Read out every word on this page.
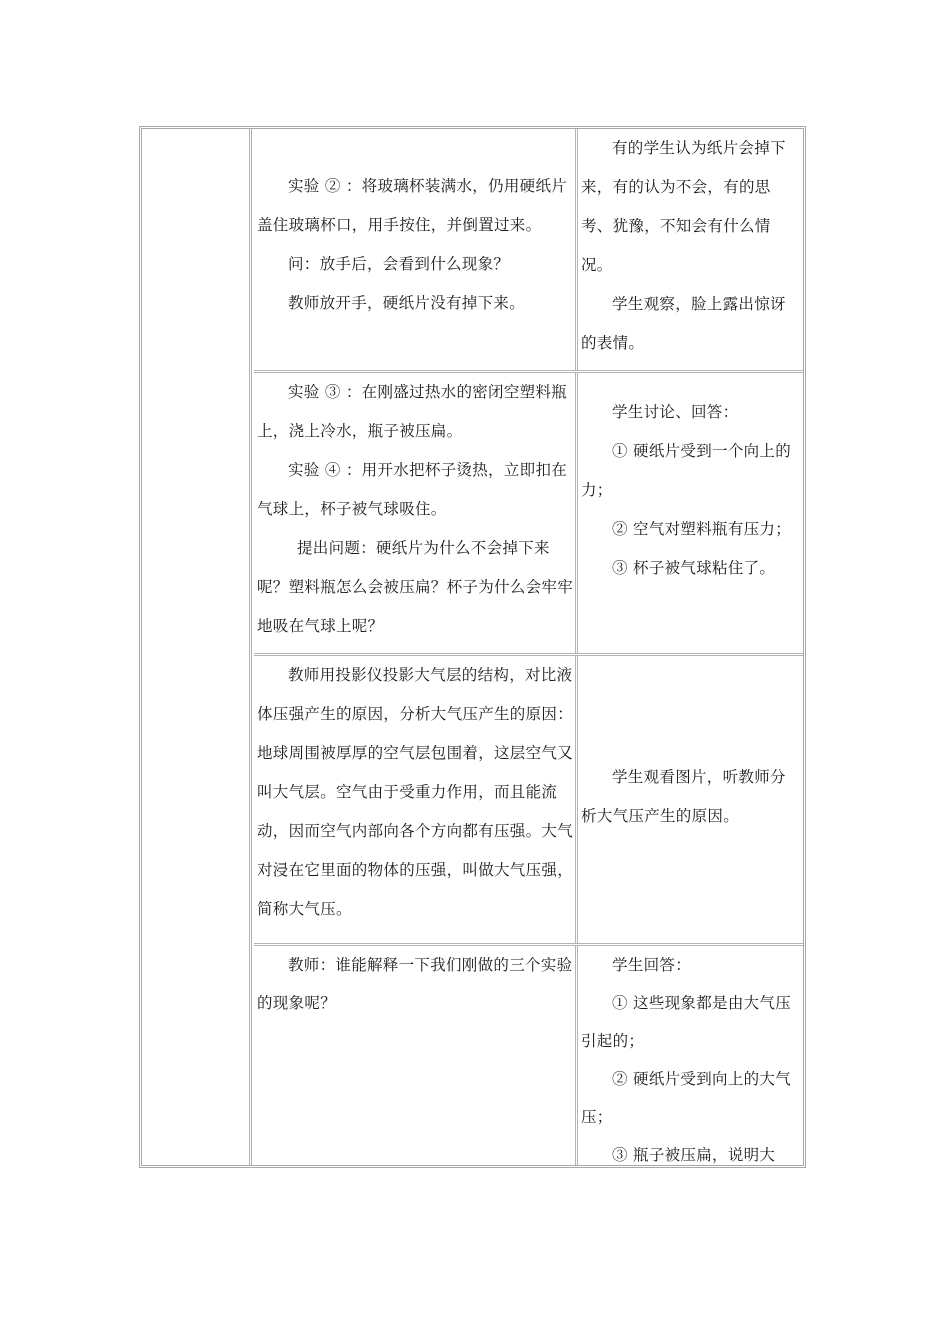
实验 ② ：将玻璃杯装满水，仍用硬纸片盖住玻璃杯口，用手按住，并倒置过来。

问：放手后，会看到什么现象？

教师放开手，硬纸片没有掉下来。

有的学生认为纸片会掉下来，有的认为不会，有的思考、犹豫，不知会有什么情况。

学生观察，脸上露出惊讶的表情。

实验 ③ ：在刚盛过热水的密闭空塑料瓶上，浇上冷水，瓶子被压扁。

实验 ④ ：用开水把杯子烫热，立即扣在气球上，杯子被气球吸住。

提出问题：硬纸片为什么不会掉下来呢？塑料瓶怎么会被压扁？杯子为什么会牢牢地吸在气球上呢？

学生讨论、回答：

① 硬纸片受到一个向上的力；

② 空气对塑料瓶有压力；

③ 杯子被气球粘住了。

教师用投影仪投影大气层的结构，对比液体压强产生的原因，分析大气压产生的原因：地球周围被厚厚的空气层包围着，这层空气又叫大气层。空气由于受重力作用，而且能流动，因而空气内部向各个方向都有压强。大气对浸在它里面的物体的压强，叫做大气压强，简称大气压。

学生观看图片，听教师分析大气压产生的原因。

教师：谁能解释一下我们刚做的三个实验的现象呢？

学生回答：

① 这些现象都是由大气压引起的；

② 硬纸片受到向上的大气压；

③ 瓶子被压扁，说明大
